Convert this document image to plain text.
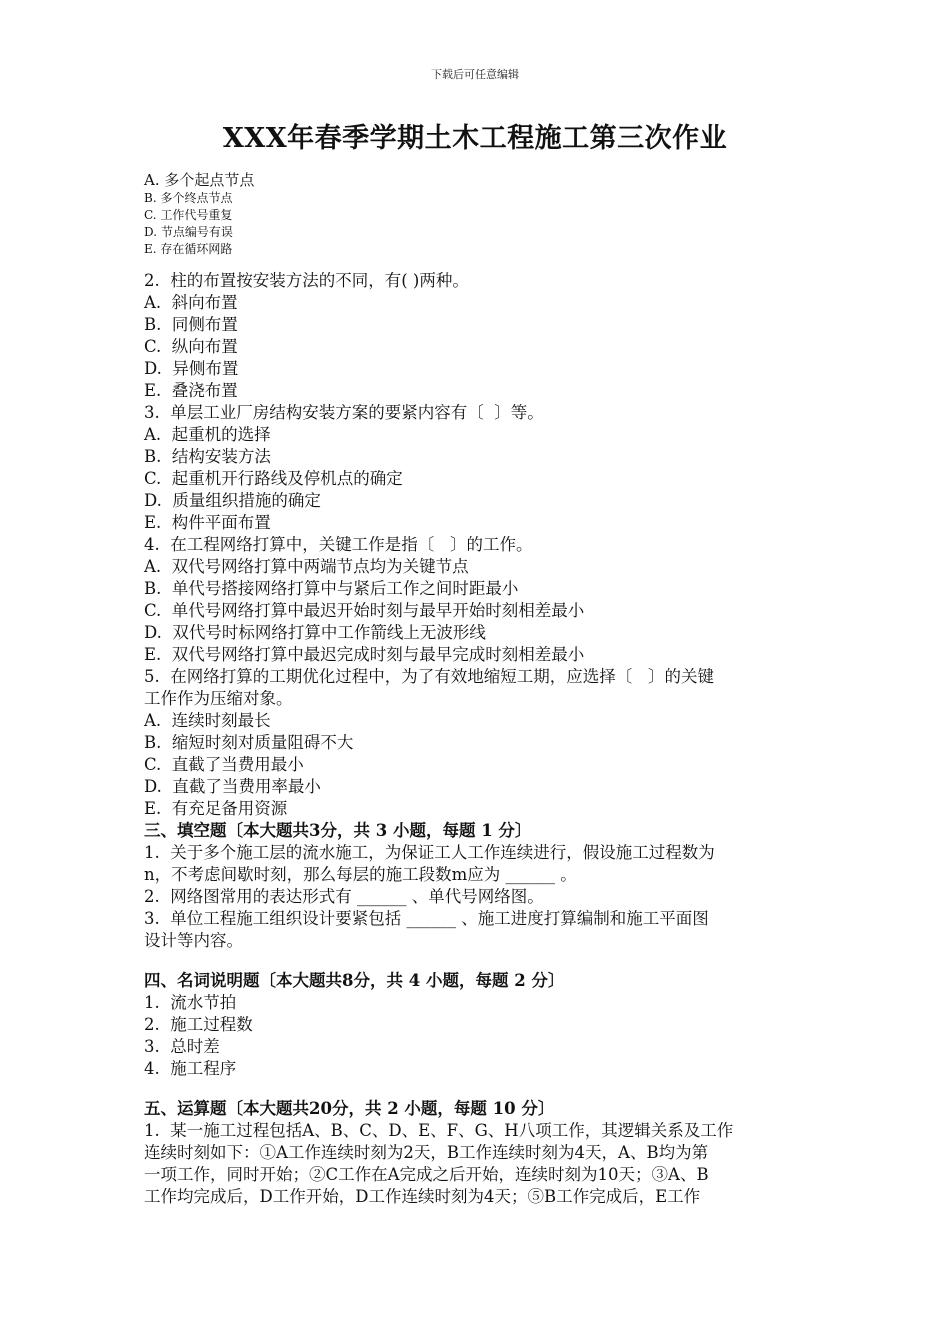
下载后可任意编辑
XXX年春季学期土木工程施工第三次作业
A. 多个起点节点
B. 多个终点节点
C. 工作代号重复
D. 节点编号有误
E. 存在循环网路
2.  柱的布置按安装方法的不同，有( )两种。
A.  斜向布置
B.  同侧布置
C.  纵向布置
D.  异侧布置
E.  叠浇布置
3.  单层工业厂房结构安装方案的要紧内容有〔  〕等。
A.  起重机的选择
B.  结构安装方法
C.  起重机开行路线及停机点的确定
D.  质量组织措施的确定
E.  构件平面布置
4.  在工程网络打算中，关键工作是指〔   〕的工作。
A.  双代号网络打算中两端节点均为关键节点
B.  单代号搭接网络打算中与紧后工作之间时距最小
C.  单代号网络打算中最迟开始时刻与最早开始时刻相差最小
D.  双代号时标网络打算中工作箭线上无波形线
E.  双代号网络打算中最迟完成时刻与最早完成时刻相差最小
5.  在网络打算的工期优化过程中，为了有效地缩短工期，应选择〔   〕的关键
工作作为压缩对象。
A.  连续时刻最长
B.  缩短时刻对质量阻碍不大
C.  直截了当费用最小
D.  直截了当费用率最小
E.  有充足备用资源
三、填空题〔本大题共3分，共 3 小题，每题 1 分〕
1.  关于多个施工层的流水施工，为保证工人工作连续进行，假设施工过程数为
n，不考虑间歇时刻，那么每层的施工段数m应为 ______ 。
2.  网络图常用的表达形式有 ______ 、单代号网络图。
3.  单位工程施工组织设计要紧包括 ______ 、施工进度打算编制和施工平面图
设计等内容。
四、名词说明题〔本大题共8分，共 4 小题，每题 2 分〕
1.  流水节拍
2.  施工过程数
3.  总时差
4.  施工程序
五、运算题〔本大题共20分，共 2 小题，每题 10 分〕
1.  某一施工过程包括A、B、C、D、E、F、G、H八项工作，其逻辑关系及工作
连续时刻如下：①A工作连续时刻为2天，B工作连续时刻为4天，A、B均为第
一项工作，同时开始；②C工作在A完成之后开始，连续时刻为10天；③A、B
工作均完成后，D工作开始，D工作连续时刻为4天；⑤B工作完成后，E工作
